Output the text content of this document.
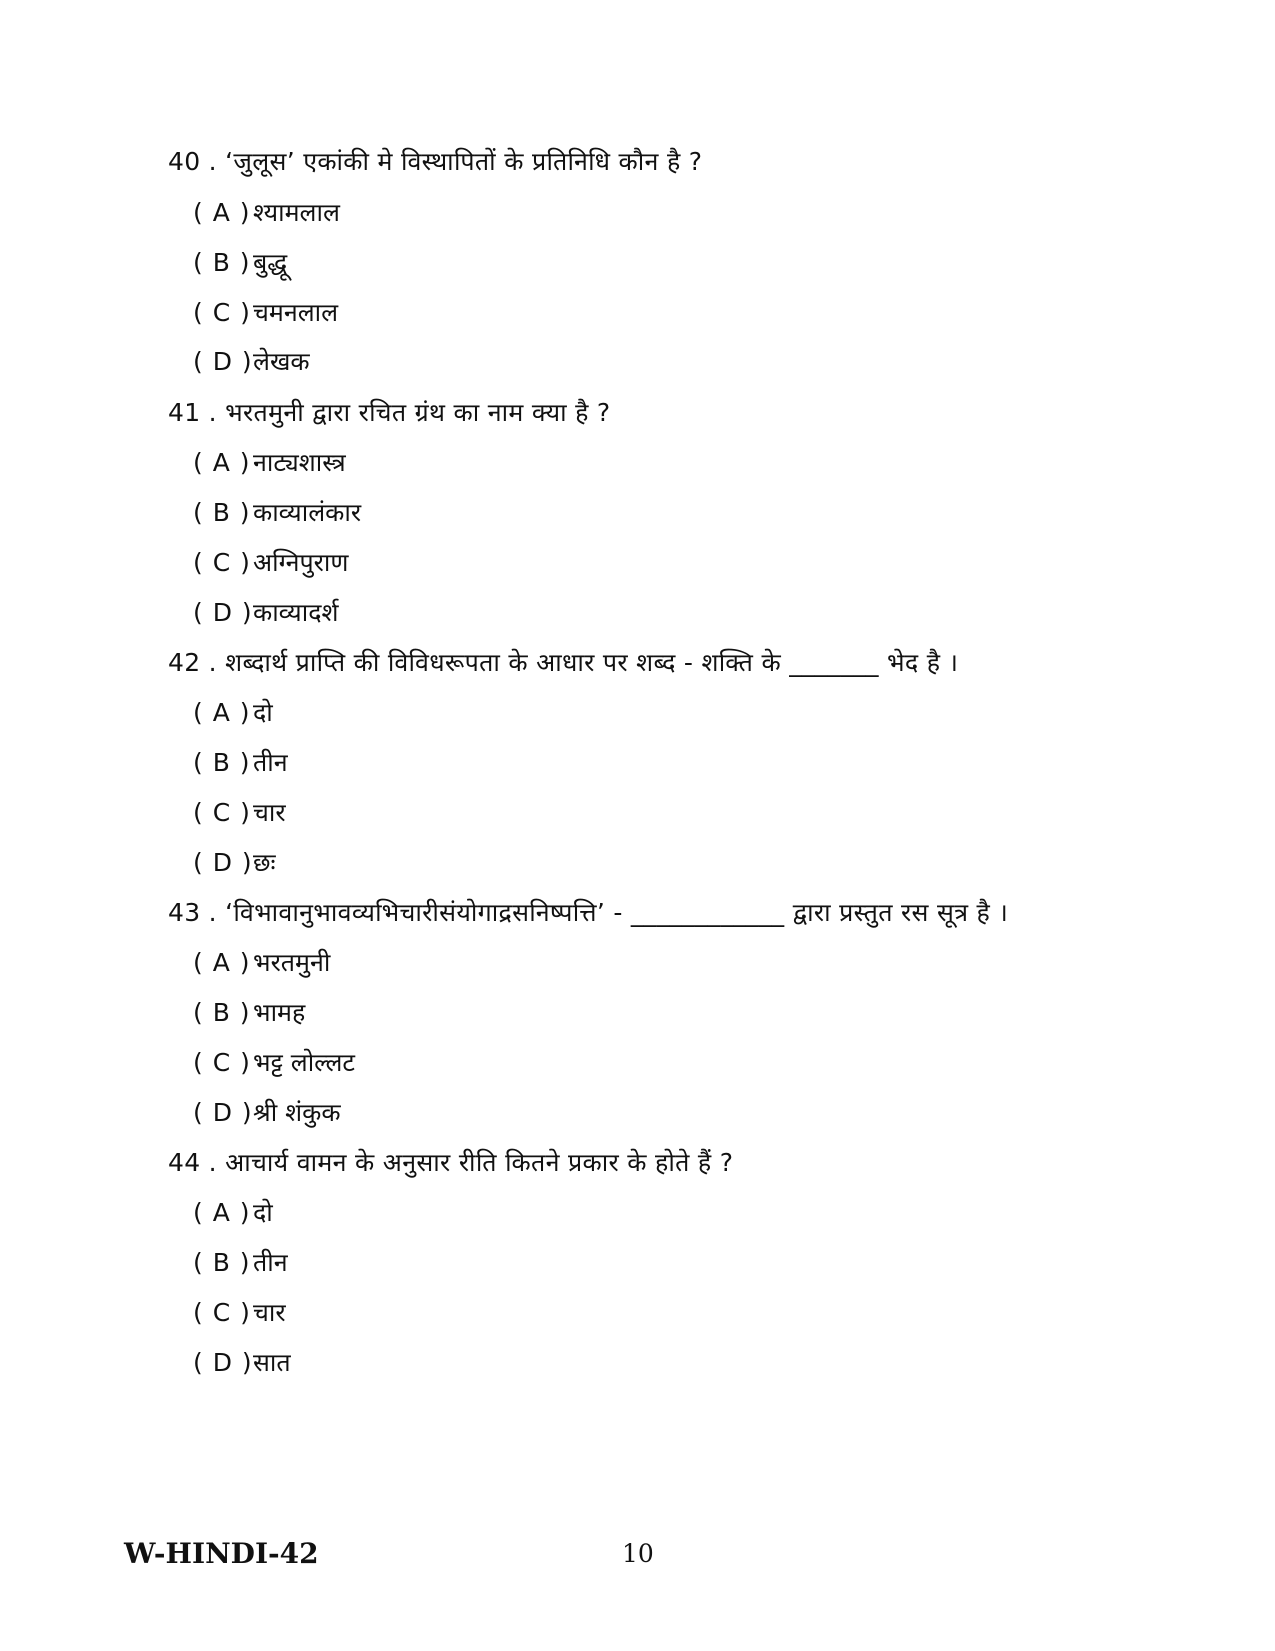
40 . ‘जुलूस’ एकांकी मे विस्थापितों के प्रतिनिधि कौन है ?
( A )श्यामलाल
( B )बुद्धू
( C )चमनलाल
( D )लेखक
41 . भरतमुनी द्वारा रचित ग्रंथ का नाम क्या है ?
( A )नाट्यशास्त्र
( B )काव्यालंकार
( C )अग्निपुराण
( D )काव्यादर्श
42 . शब्दार्थ प्राप्ति की विविधरूपता के आधार पर शब्द - शक्ति के _______ भेद है ।
( A )दो
( B )तीन
( C )चार
( D )छः
43 . ‘विभावानुभावव्यभिचारीसंयोगाद्रसनिष्पत्ति’ - ____________ द्वारा प्रस्तुत रस सूत्र है ।
( A )भरतमुनी
( B )भामह
( C )भट्ट लोल्लट
( D )श्री शंकुक
44 . आचार्य वामन के अनुसार रीति कितने प्रकार के होते हैं ?
( A )दो
( B )तीन
( C )चार
( D )सात
W-HINDI-42	10
